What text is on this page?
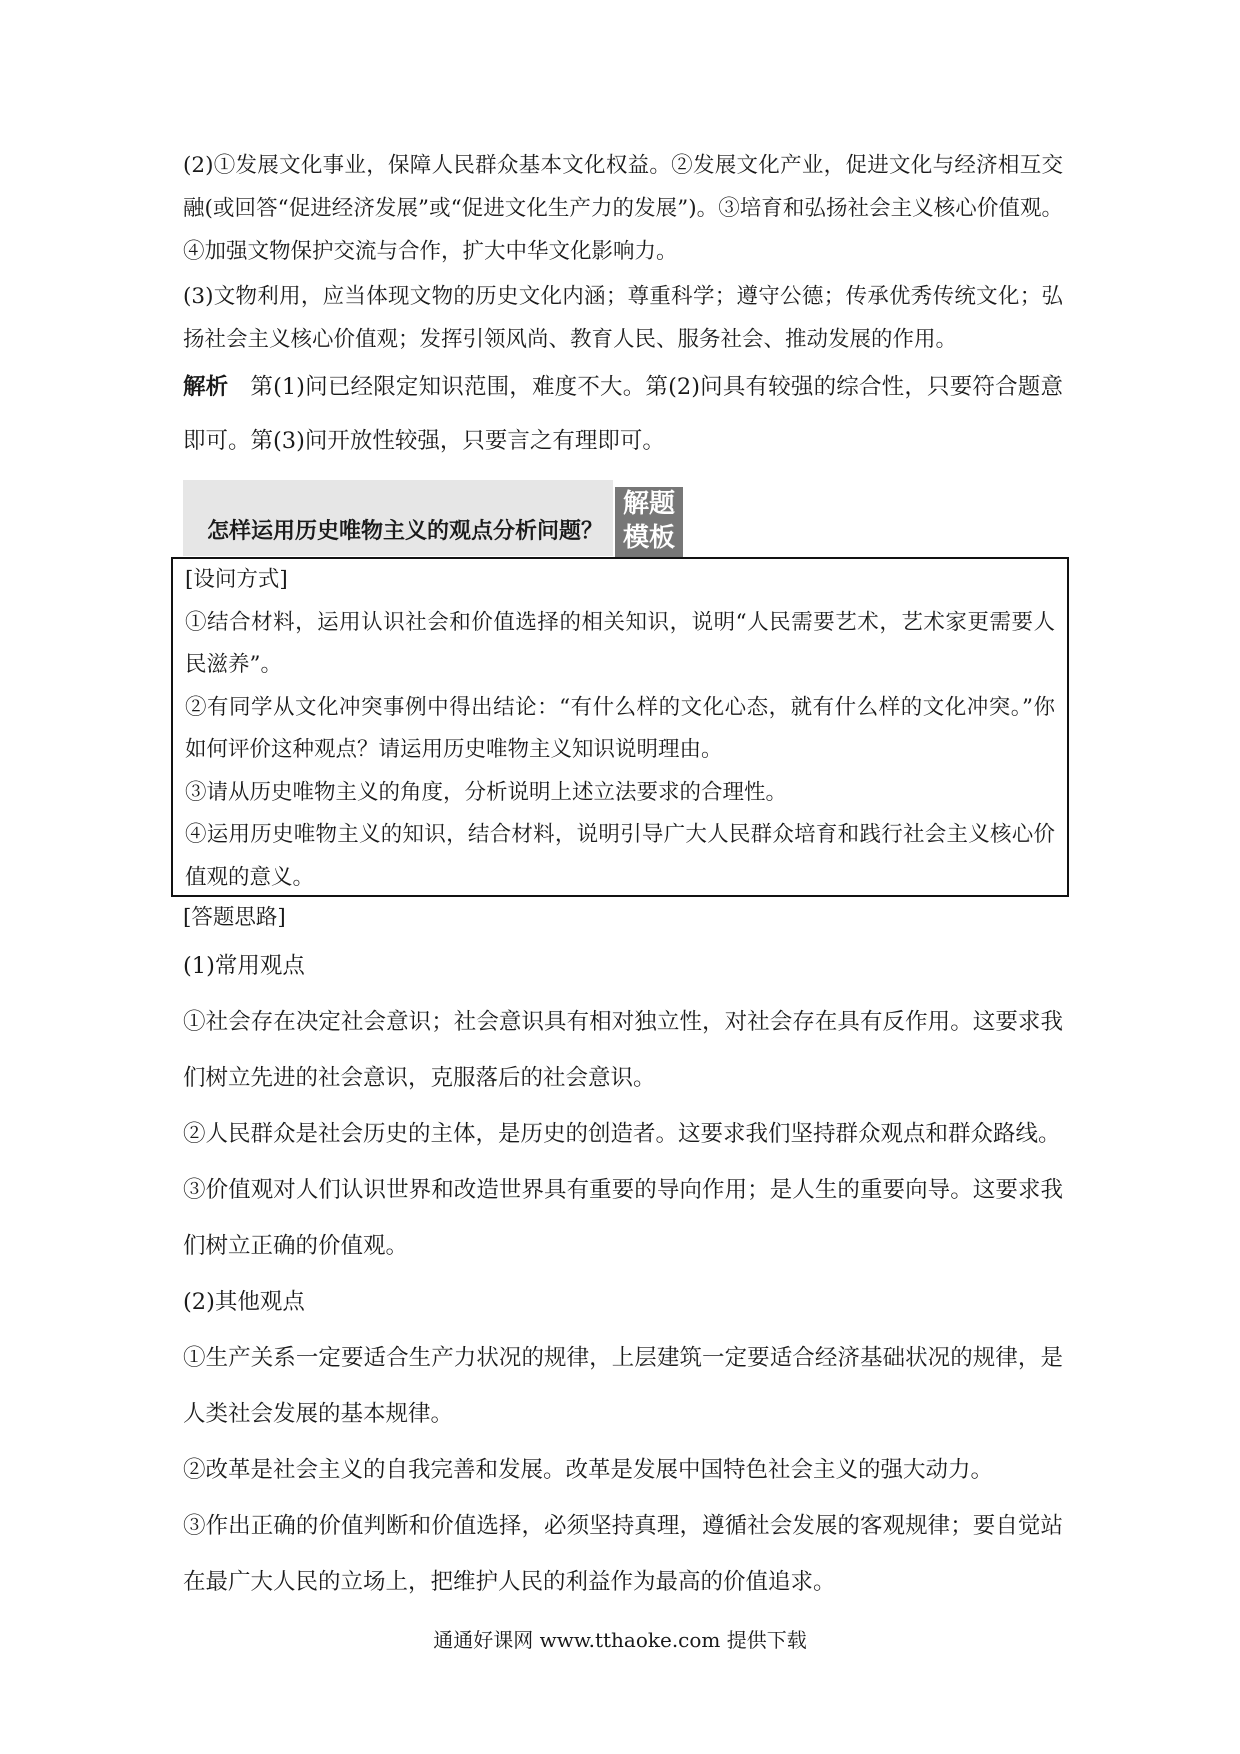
(2)①发展文化事业，保障人民群众基本文化权益。②发展文化产业，促进文化与经济相互交融(或回答“促进经济发展”或“促进文化生产力的发展”)。③培育和弘扬社会主义核心价值观。④加强文物保护交流与合作，扩大中华文化影响力。

(3)文物利用，应当体现文物的历史文化内涵；尊重科学；遵守公德；传承优秀传统文化；弘扬社会主义核心价值观；发挥引领风尚、教育人民、服务社会、推动发展的作用。

解析 第(1)问已经限定知识范围，难度不大。第(2)问具有较强的综合性，只要符合题意即可。第(3)问开放性较强，只要言之有理即可。

怎样运用历史唯物主义的观点分析问题？
解题
模板

[设问方式]

①结合材料，运用认识社会和价值选择的相关知识，说明“人民需要艺术，艺术家更需要人民滋养”。

②有同学从文化冲突事例中得出结论：“有什么样的文化心态，就有什么样的文化冲突。”你如何评价这种观点？请运用历史唯物主义知识说明理由。

③请从历史唯物主义的角度，分析说明上述立法要求的合理性。

④运用历史唯物主义的知识，结合材料，说明引导广大人民群众培育和践行社会主义核心价值观的意义。

[答题思路]

(1)常用观点

①社会存在决定社会意识；社会意识具有相对独立性，对社会存在具有反作用。这要求我们树立先进的社会意识，克服落后的社会意识。

②人民群众是社会历史的主体，是历史的创造者。这要求我们坚持群众观点和群众路线。

③价值观对人们认识世界和改造世界具有重要的导向作用；是人生的重要向导。这要求我们树立正确的价值观。

(2)其他观点

①生产关系一定要适合生产力状况的规律，上层建筑一定要适合经济基础状况的规律，是人类社会发展的基本规律。

②改革是社会主义的自我完善和发展。改革是发展中国特色社会主义的强大动力。

③作出正确的价值判断和价值选择，必须坚持真理，遵循社会发展的客观规律；要自觉站在最广大人民的立场上，把维护人民的利益作为最高的价值追求。

通通好课网 www.tthaoke.com 提供下载
